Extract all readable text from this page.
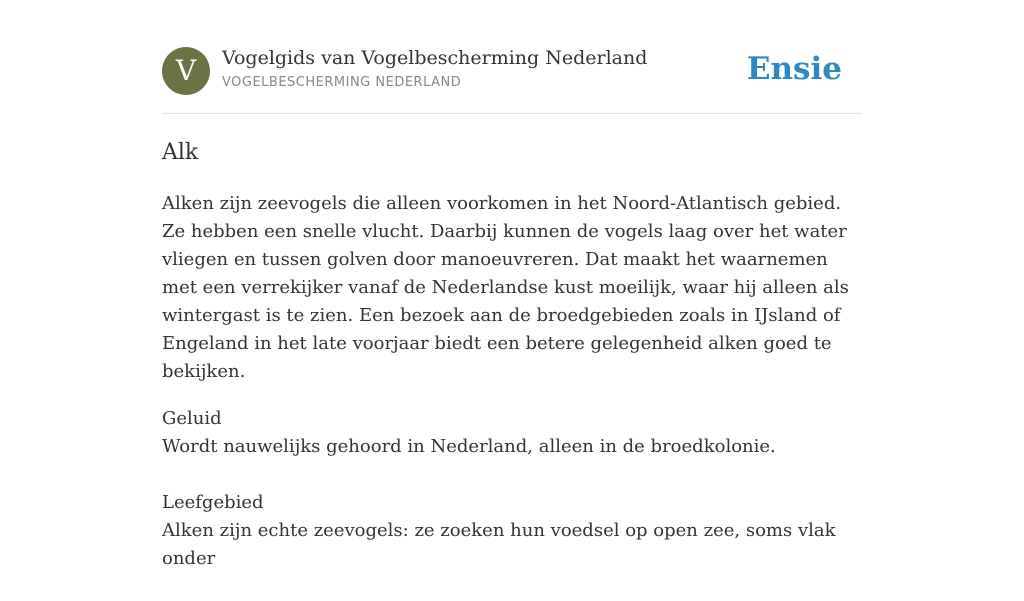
V Vogelgids van Vogelbescherming Nederland
VOGELBESCHERMING NEDERLAND	Ensie
Alk

Alken zijn zeevogels die alleen voorkomen in het Noord-Atlantisch gebied. Ze hebben een snelle vlucht. Daarbij kunnen de vogels laag over het water vliegen en tussen golven door manoeuvreren. Dat maakt het waarnemen met een verrekijker vanaf de Nederlandse kust moeilijk, waar hij alleen als wintergast is te zien. Een bezoek aan de broedgebieden zoals in IJsland of Engeland in het late voorjaar biedt een betere gelegenheid alken goed te bekijken.

Geluid
Wordt nauwelijks gehoord in Nederland, alleen in de broedkolonie.
Leefgebied
Alken zijn echte zeevogels: ze zoeken hun voedsel op open zee, soms vlak onder
